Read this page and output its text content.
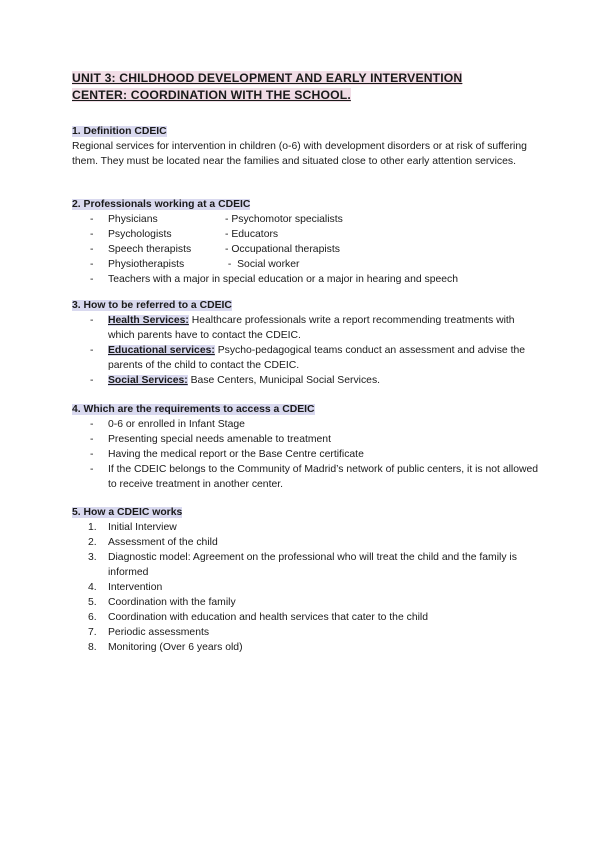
UNIT 3: CHILDHOOD DEVELOPMENT AND EARLY INTERVENTION
CENTER: COORDINATION WITH THE SCHOOL.

1. Definition CDEIC

Regional services for intervention in children (o-6) with development disorders or at risk of suffering them. They must be located near the families and situated close to other early attention services.

2. Professionals working at a CDEIC

- Physicians	- Psychomotor specialists
- Psychologists	- Educators
- Speech therapists	- Occupational therapists
- Physiotherapists	-  Social worker
- Teachers with a major in special education or a major in hearing and speech

3. How to be referred to a CDEIC

- Health Services: Healthcare professionals write a report recommending treatments with which parents have to contact the CDEIC.
- Educational services: Psycho-pedagogical teams conduct an assessment and advise the parents of the child to contact the CDEIC.
- Social Services: Base Centers, Municipal Social Services.

4. Which are the requirements to access a CDEIC

- 0-6 or enrolled in Infant Stage
- Presenting special needs amenable to treatment
- Having the medical report or the Base Centre certificate
- If the CDEIC belongs to the Community of Madrid’s network of public centers, it is not allowed to receive treatment in another center.

5. How a CDEIC works

1. Initial Interview
2. Assessment of the child
3. Diagnostic model: Agreement on the professional who will treat the child and the family is informed
4. Intervention
5. Coordination with the family
6. Coordination with education and health services that cater to the child
7. Periodic assessments
8. Monitoring (Over 6 years old)
